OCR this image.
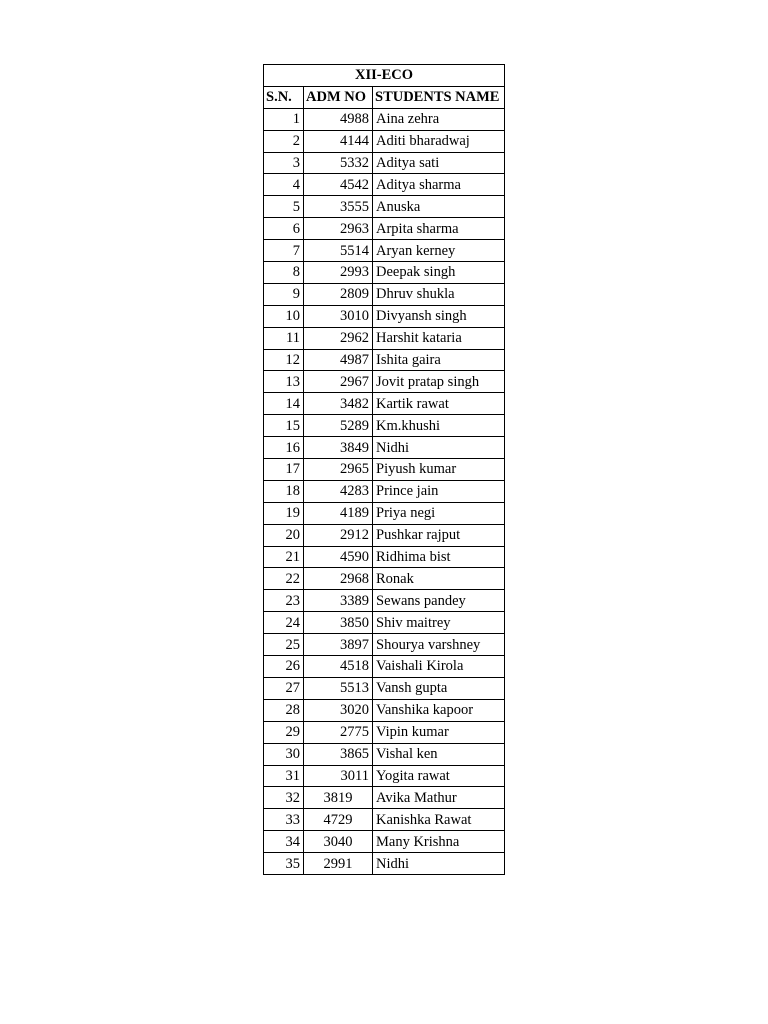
XII-ECO		
S.N.	ADM NO	STUDENTS NAME
1	4988	Aina zehra
2	4144	Aditi bharadwaj
3	5332	Aditya sati
4	4542	Aditya sharma
5	3555	Anuska
6	2963	Arpita sharma
7	5514	Aryan kerney
8	2993	Deepak singh
9	2809	Dhruv shukla
10	3010	Divyansh singh
11	2962	Harshit kataria
12	4987	Ishita gaira
13	2967	Jovit pratap singh
14	3482	Kartik rawat
15	5289	Km.khushi
16	3849	Nidhi
17	2965	Piyush kumar
18	4283	Prince jain
19	4189	Priya negi
20	2912	Pushkar rajput
21	4590	Ridhima bist
22	2968	Ronak
23	3389	Sewans pandey
24	3850	Shiv maitrey
25	3897	Shourya varshney
26	4518	Vaishali Kirola
27	5513	Vansh gupta
28	3020	Vanshika kapoor
29	2775	Vipin kumar
30	3865	Vishal ken
31	3011	Yogita rawat
32	3819	Avika Mathur
33	4729	Kanishka Rawat
34	3040	Many Krishna
35	2991	Nidhi
